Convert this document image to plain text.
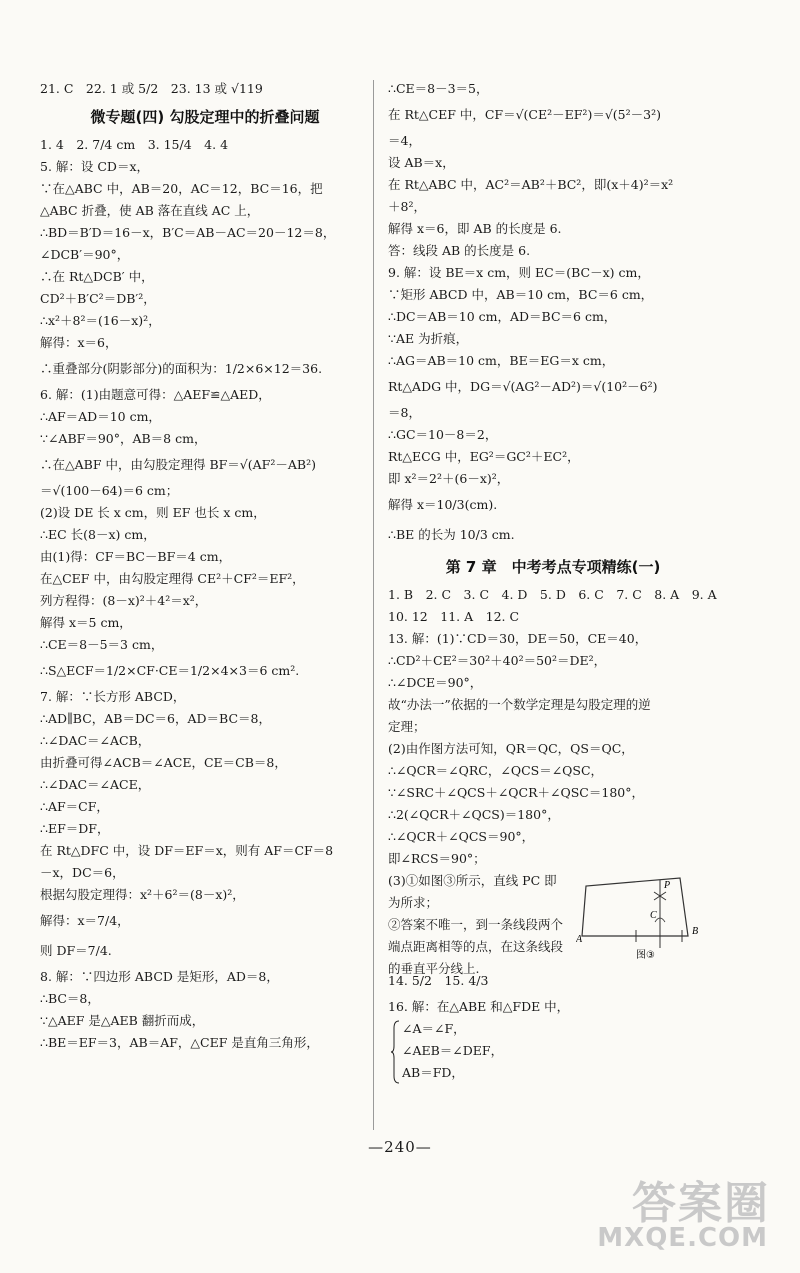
21. C　22. 1 或 5/2　23. 13 或 √119
微专题(四) 勾股定理中的折叠问题
1. 4　2. 7/4 cm　3. 15/4　4. 4
5. 解：设 CD＝x，
∵在△ABC 中，AB＝20，AC＝12，BC＝16，把
△ABC 折叠，使 AB 落在直线 AC 上，
∴BD＝B′D＝16－x，B′C＝AB－AC＝20－12＝8，
∠DCB′＝90°，
∴在 Rt△DCB′ 中，
CD²＋B′C²＝DB′²，
∴x²＋8²＝(16－x)²，
解得：x＝6，
∴重叠部分(阴影部分)的面积为：1/2×6×12＝36.
6. 解：(1)由题意可得：△AEF≌△AED，
∴AF＝AD＝10 cm，
∵∠ABF＝90°，AB＝8 cm，
∴在△ABF 中，由勾股定理得 BF＝√(AF²－AB²)
＝√(100－64)＝6 cm；
(2)设 DE 长 x cm，则 EF 也长 x cm，
∴EC 长(8－x) cm，
由(1)得：CF＝BC－BF＝4 cm，
在△CEF 中，由勾股定理得 CE²＋CF²＝EF²，
列方程得：(8－x)²＋4²＝x²，
解得 x＝5 cm，
∴CE＝8－5＝3 cm，
∴S△ECF＝1/2×CF·CE＝1/2×4×3＝6 cm².
7. 解：∵长方形 ABCD，
∴AD∥BC，AB＝DC＝6，AD＝BC＝8，
∴∠DAC＝∠ACB，
由折叠可得∠ACB＝∠ACE，CE＝CB＝8，
∴∠DAC＝∠ACE，
∴AF＝CF，
∴EF＝DF，
在 Rt△DFC 中，设 DF＝EF＝x，则有 AF＝CF＝8
－x，DC＝6，
根据勾股定理得：x²＋6²＝(8－x)²，
解得：x＝7/4，
则 DF＝7/4.
8. 解：∵四边形 ABCD 是矩形，AD＝8，
∴BC＝8，
∵△AEF 是△AEB 翻折而成，
∴BE＝EF＝3，AB＝AF，△CEF 是直角三角形，
∴CE＝8－3＝5，
在 Rt△CEF 中，CF＝√(CE²－EF²)＝√(5²－3²)
＝4，
设 AB＝x，
在 Rt△ABC 中，AC²＝AB²＋BC²，即(x＋4)²＝x²
＋8²，
解得 x＝6，即 AB 的长度是 6.
答：线段 AB 的长度是 6.
9. 解：设 BE＝x cm，则 EC＝(BC－x) cm，
∵矩形 ABCD 中，AB＝10 cm，BC＝6 cm，
∴DC＝AB＝10 cm，AD＝BC＝6 cm，
∵AE 为折痕，
∴AG＝AB＝10 cm，BE＝EG＝x cm，
Rt△ADG 中，DG＝√(AG²－AD²)＝√(10²－6²)
＝8，
∴GC＝10－8＝2，
Rt△ECG 中，EG²＝GC²＋EC²，
即 x²＝2²＋(6－x)²，
解得 x＝10/3(cm).
∴BE 的长为 10/3 cm.
第 7 章　中考考点专项精练(一)
1. B　2. C　3. C　4. D　5. D　6. C　7. C　8. A　9. A
10. 12　11. A　12. C
13. 解：(1)∵CD＝30，DE＝50，CE＝40，
∴CD²＋CE²＝30²＋40²＝50²＝DE²，
∴∠DCE＝90°，
故“办法一”依据的一个数学定理是勾股定理的逆
定理；
(2)由作图方法可知，QR＝QC，QS＝QC，
∴∠QCR＝∠QRC，∠QCS＝∠QSC，
∵∠SRC＋∠QCS＋∠QCR＋∠QSC＝180°，
∴2(∠QCR＋∠QCS)＝180°，
∴∠QCR＋∠QCS＝90°，
即∠RCS＝90°；
(3)①如图③所示，直线 PC 即
为所求；
②答案不唯一，到一条线段两个
端点距离相等的点，在这条线段
的垂直平分线上.
P
C
A
B
图③
14. 5/2　15. 4/3
16. 解：在△ABE 和△FDE 中，
∠A＝∠F，
∠AEB＝∠DEF，
AB＝FD，
—240—
答案圈
MXQE.COM
